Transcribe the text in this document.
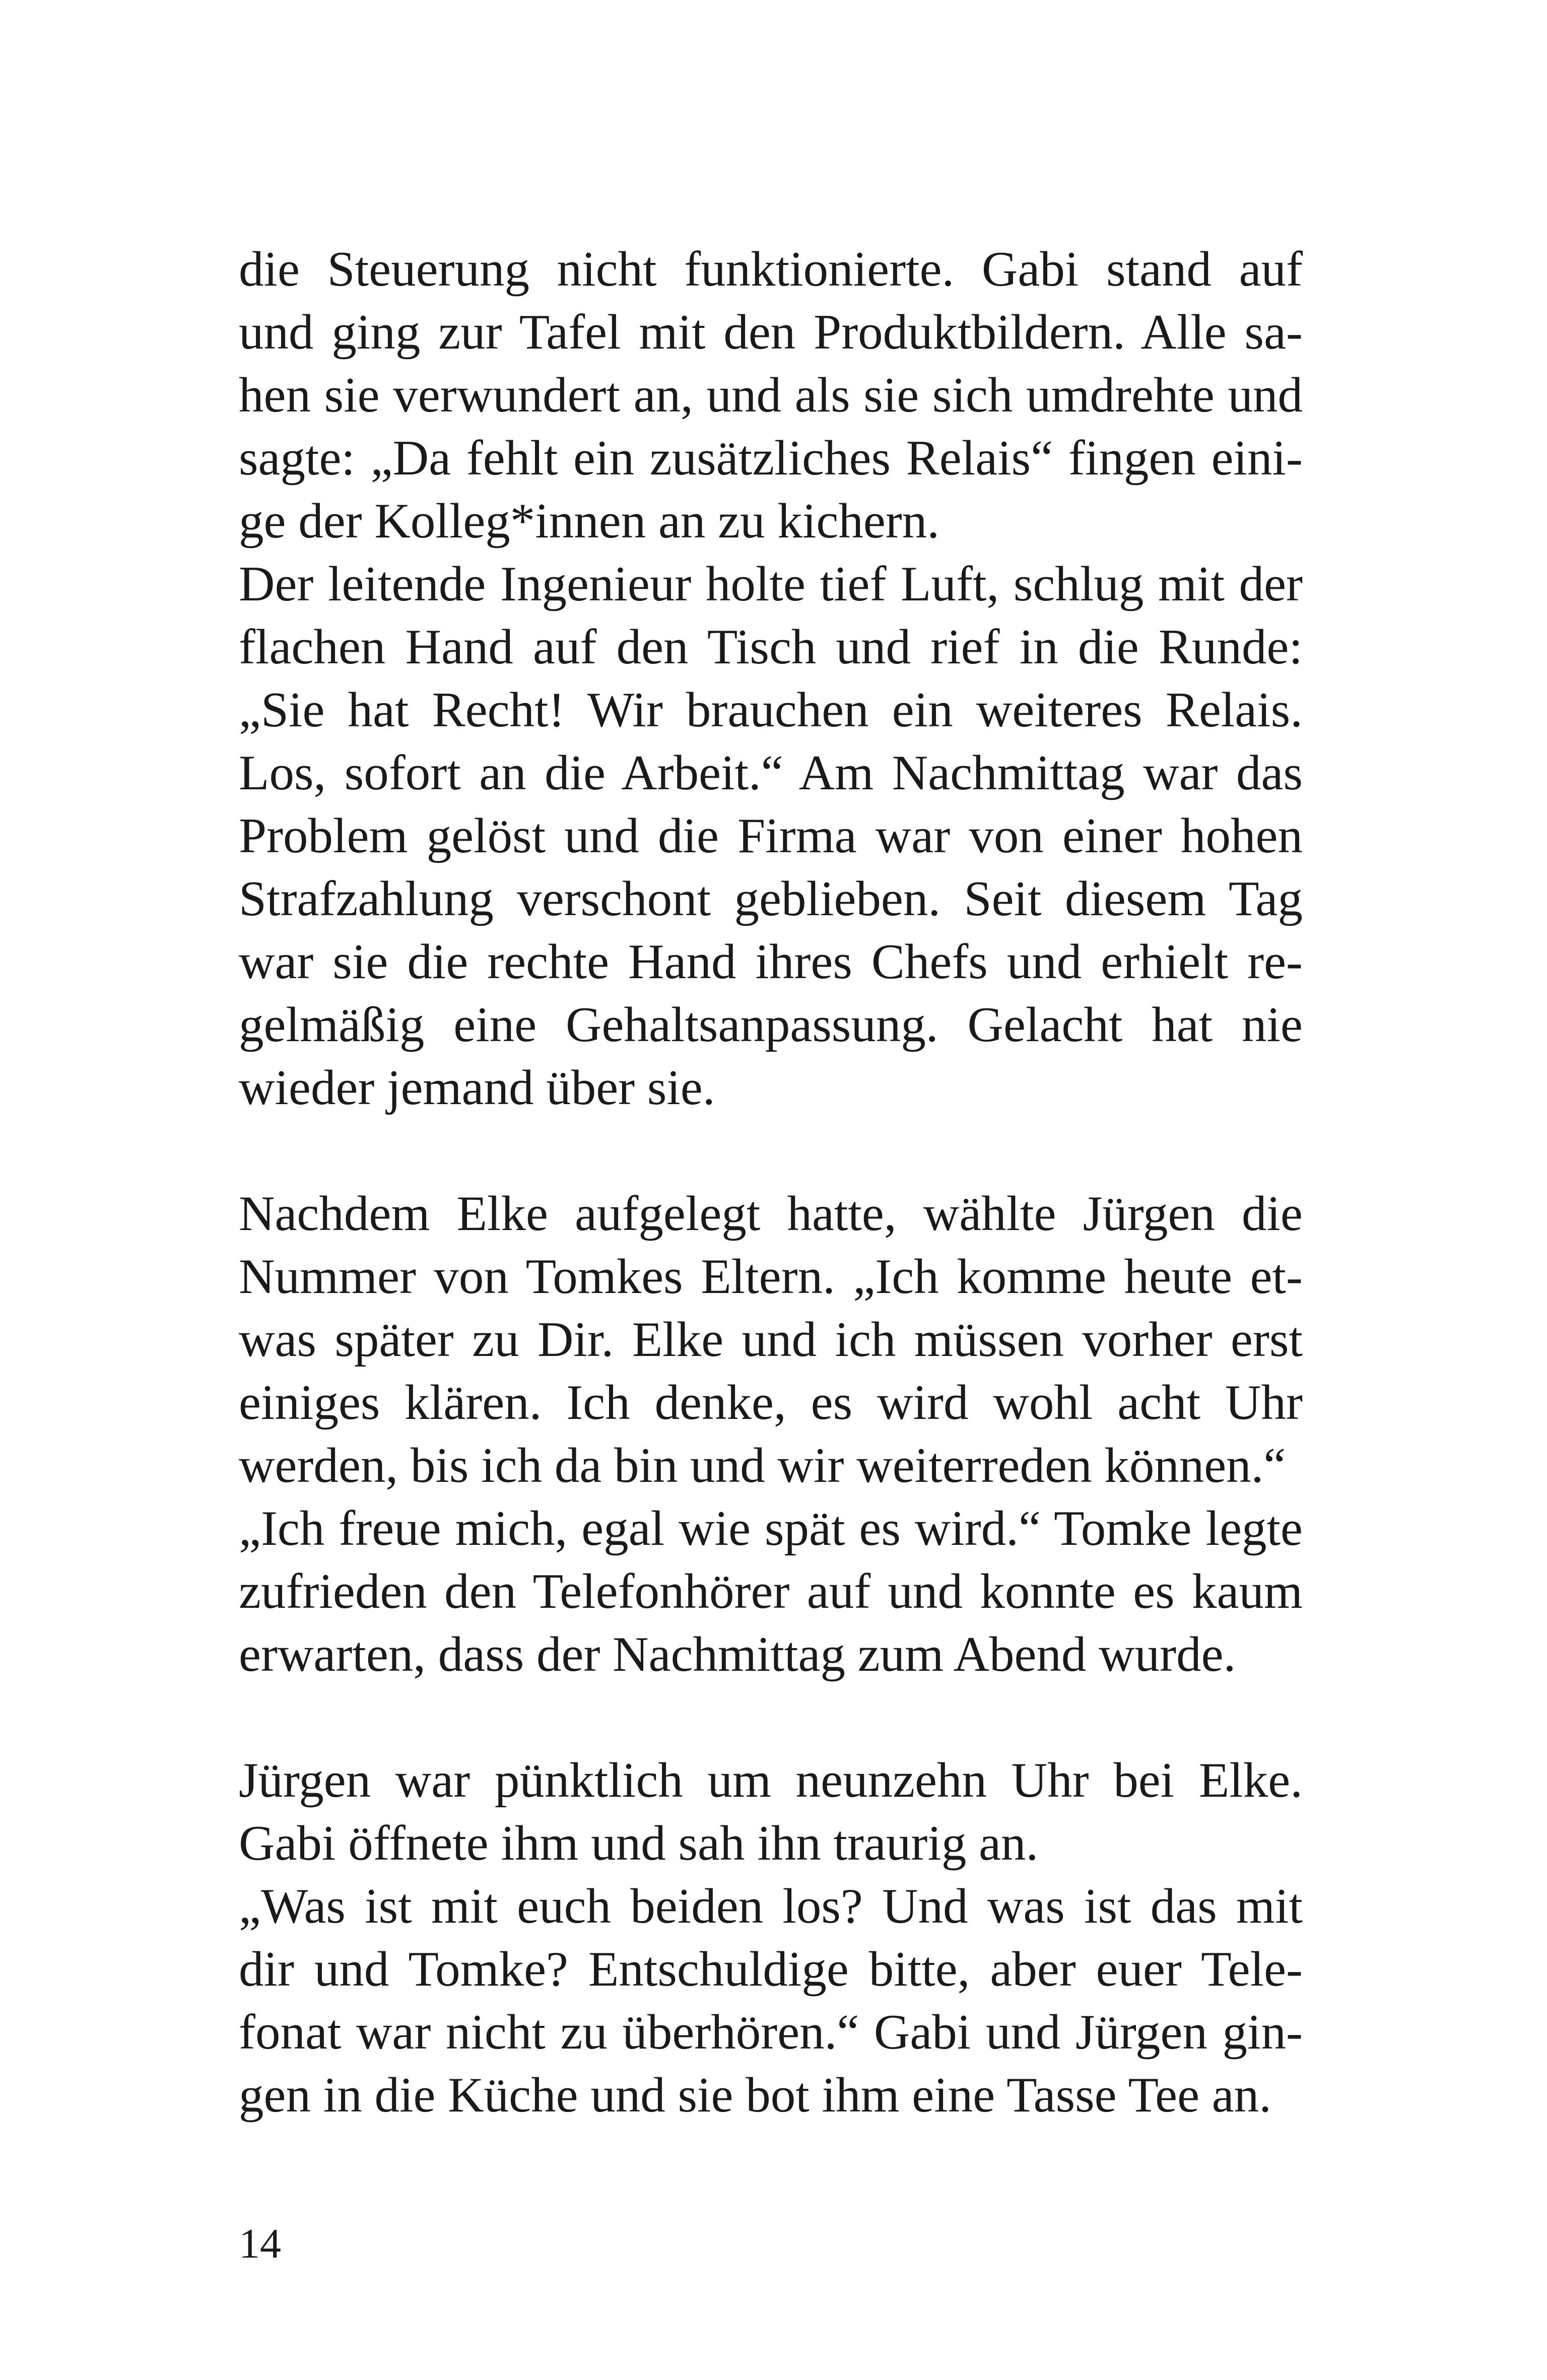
die Steuerung nicht funktionierte. Gabi stand auf
und ging zur Tafel mit den Produktbildern. Alle sa-
hen sie verwundert an, und als sie sich umdrehte und
sagte: „Da fehlt ein zusätzliches Relais“ fingen eini-
ge der Kolleg*innen an zu kichern.
Der leitende Ingenieur holte tief Luft, schlug mit der
flachen Hand auf den Tisch und rief in die Runde:
„Sie hat Recht! Wir brauchen ein weiteres Relais.
Los, sofort an die Arbeit.“ Am Nachmittag war das
Problem gelöst und die Firma war von einer hohen
Strafzahlung verschont geblieben. Seit diesem Tag
war sie die rechte Hand ihres Chefs und erhielt re-
gelmäßig eine Gehaltsanpassung. Gelacht hat nie
wieder jemand über sie.
Nachdem Elke aufgelegt hatte, wählte Jürgen die
Nummer von Tomkes Eltern. „Ich komme heute et-
was später zu Dir. Elke und ich müssen vorher erst
einiges klären. Ich denke, es wird wohl acht Uhr
werden, bis ich da bin und wir weiterreden können.“
„Ich freue mich, egal wie spät es wird.“ Tomke legte
zufrieden den Telefonhörer auf und konnte es kaum
erwarten, dass der Nachmittag zum Abend wurde.
Jürgen war pünktlich um neunzehn Uhr bei Elke.
Gabi öffnete ihm und sah ihn traurig an.
„Was ist mit euch beiden los? Und was ist das mit
dir und Tomke? Entschuldige bitte, aber euer Tele-
fonat war nicht zu überhören.“ Gabi und Jürgen gin-
gen in die Küche und sie bot ihm eine Tasse Tee an.
14
